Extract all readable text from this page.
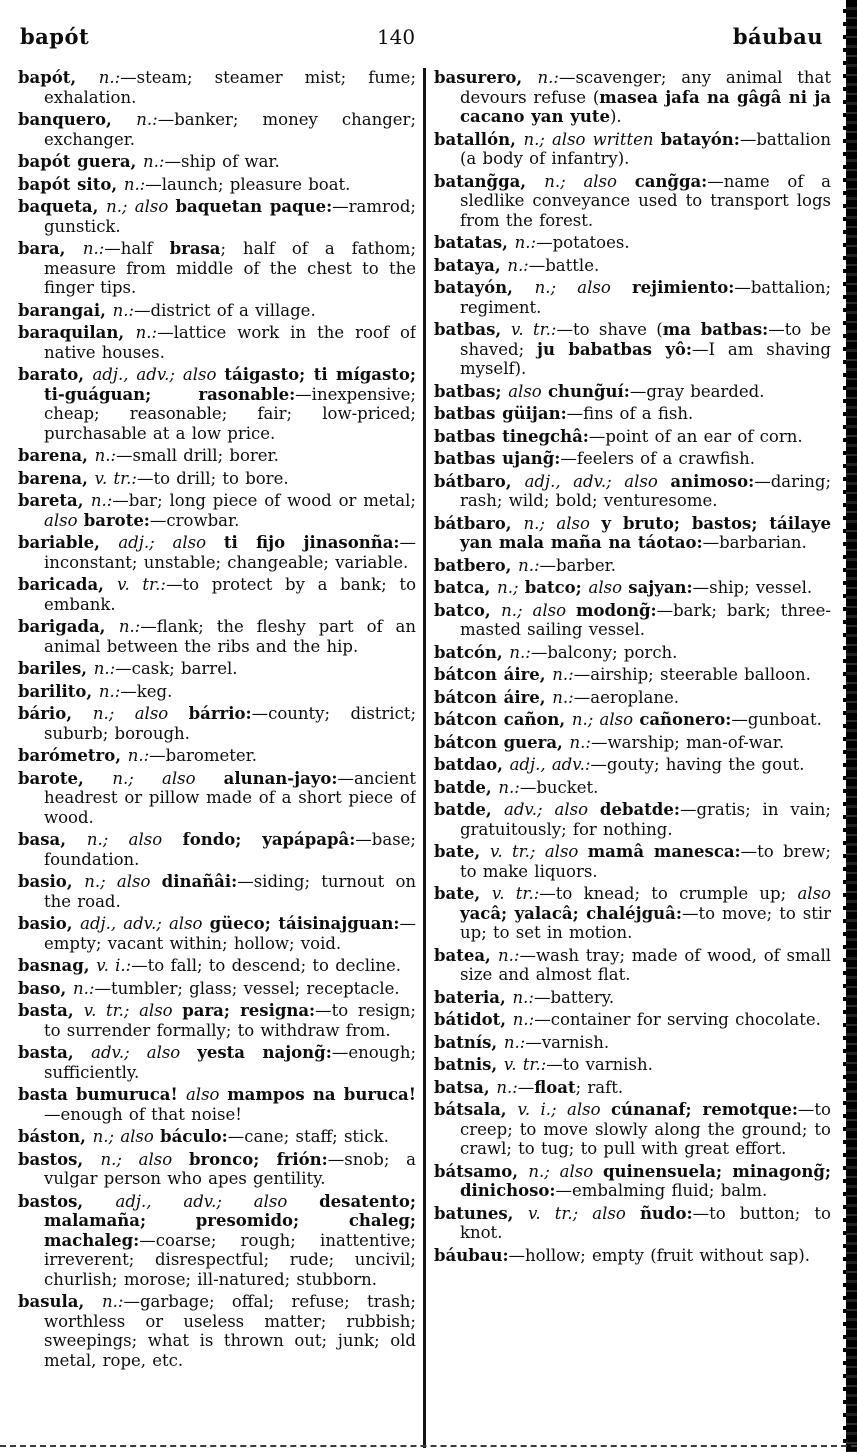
bapót	140	báubau

bapót, n.:—steam; steamer mist; fume; exhalation.

banquero, n.:—banker; money changer; exchanger.

bapót guera, n.:—ship of war.

bapót sito, n.:—launch; pleasure boat.

baqueta, n.; also baquetan paque:—ramrod; gunstick.

bara, n.:—half brasa; half of a fathom; measure from middle of the chest to the finger tips.

barangai, n.:—district of a village.

baraquilan, n.:—lattice work in the roof of native houses.

barato, adj., adv.; also táigasto; ti mígasto; ti-guáguan; rasonable:—inexpensive; cheap; reasonable; fair; low-priced; purchasable at a low price.

barena, n.:—small drill; borer.

barena, v. tr.:—to drill; to bore.

bareta, n.:—bar; long piece of wood or metal; also barote:—crowbar.

bariable, adj.; also ti fijo jinasonña:—inconstant; unstable; changeable; variable.

baricada, v. tr.:—to protect by a bank; to embank.

barigada, n.:—flank; the fleshy part of an animal between the ribs and the hip.

bariles, n.:—cask; barrel.

barilito, n.:—keg.

bário, n.; also bárrio:—county; district; suburb; borough.

barómetro, n.:—barometer.

barote, n.; also alunan-jayo:—ancient headrest or pillow made of a short piece of wood.

basa, n.; also fondo; yapápapâ:—base; foundation.

basio, n.; also dinañâi:—siding; turnout on the road.

basio, adj., adv.; also güeco; táisinajguan:—empty; vacant within; hollow; void.

basnag, v. i.:—to fall; to descend; to decline.

baso, n.:—tumbler; glass; vessel; receptacle.

basta, v. tr.; also para; resigna:—to resign; to surrender formally; to withdraw from.

basta, adv.; also yesta najong̃:—enough; sufficiently.

basta bumuruca! also mampos na buruca!—enough of that noise!

báston, n.; also báculo:—cane; staff; stick.

bastos, n.; also bronco; frión:—snob; a vulgar person who apes gentility.

bastos, adj., adv.; also desatento; malamaña; presomido; chaleg; machaleg:—coarse; rough; inattentive; irreverent; disrespectful; rude; uncivil; churlish; morose; ill-natured; stubborn.

basula, n.:—garbage; offal; refuse; trash; worthless or useless matter; rubbish; sweepings; what is thrown out; junk; old metal, rope, etc.

basurero, n.:—scavenger; any animal that devours refuse (masea jafa na gâgâ ni ja cacano yan yute).

batallón, n.; also written batayón:—battalion (a body of infantry).

batang̃ga, n.; also cang̃ga:—name of a sledlike conveyance used to transport logs from the forest.

batatas, n.:—potatoes.

bataya, n.:—battle.

batayón, n.; also rejimiento:—battalion; regiment.

batbas, v. tr.:—to shave (ma batbas:—to be shaved; ju babatbas yô:—I am shaving myself).

batbas; also chung̃uí:—gray bearded.

batbas güijan:—fins of a fish.

batbas tinegchâ:—point of an ear of corn.

batbas ujang̃:—feelers of a crawfish.

bátbaro, adj., adv.; also animoso:—daring; rash; wild; bold; venturesome.

bátbaro, n.; also y bruto; bastos; táilaye yan mala maña na táotao:—barbarian.

batbero, n.:—barber.

batca, n.; batco; also sajyan:—ship; vessel.

batco, n.; also modong̃:—bark; bark; three-masted sailing vessel.

batcón, n.:—balcony; porch.

bátcon áire, n.:—airship; steerable balloon.

bátcon áire, n.:—aeroplane.

bátcon cañon, n.; also cañonero:—gunboat.

bátcon guera, n.:—warship; man-of-war.

batdao, adj., adv.:—gouty; having the gout.

batde, n.:—bucket.

batde, adv.; also debatde:—gratis; in vain; gratuitously; for nothing.

bate, v. tr.; also mamâ manesca:—to brew; to make liquors.

bate, v. tr.:—to knead; to crumple up; also yacâ; yalacâ; chaléjguâ:—to move; to stir up; to set in motion.

batea, n.:—wash tray; made of wood, of small size and almost flat.

bateria, n.:—battery.

bátidot, n.:—container for serving chocolate.

batnís, n.:—varnish.

batnis, v. tr.:—to varnish.

batsa, n.:—float; raft.

bátsala, v. i.; also cúnanaf; remotque:—to creep; to move slowly along the ground; to crawl; to tug; to pull with great effort.

bátsamo, n.; also quinensuela; minagong̃; dinichoso:—embalming fluid; balm.

batunes, v. tr.; also ñudo:—to button; to knot.

báubau:—hollow; empty (fruit without sap).
